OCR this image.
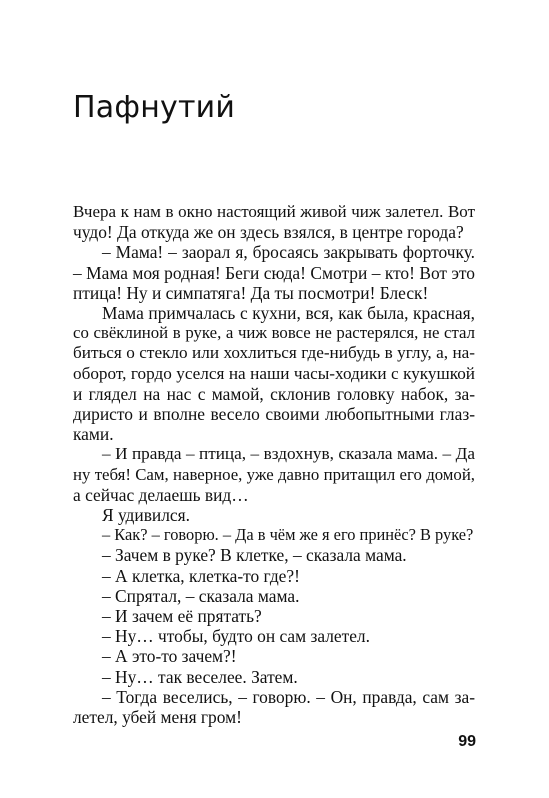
Пафнутий
Вчера к нам в окно настоящий живой чиж залетел. Вот
чудо! Да откуда же он здесь взялся, в центре города?
– Мама! – заорал я, бросаясь закрывать форточку.
– Мама моя родная! Беги сюда! Смотри – кто! Вот это
птица! Ну и симпатяга! Да ты посмотри! Блеск!
Мама примчалась с кухни, вся, как была, красная,
со свёклиной в руке, а чиж вовсе не растерялся, не стал
биться о стекло или хохлиться где-нибудь в углу, а, на-
оборот, гордо уселся на наши часы-ходики с кукушкой
и глядел на нас с мамой, склонив головку набок, за-
диристо и вполне весело своими любопытными глаз-
ками.
– И правда – птица, – вздохнув, сказала мама. – Да
ну тебя! Сам, наверное, уже давно притащил его домой,
а сейчас делаешь вид…
Я удивился.
– Как? – говорю. – Да в чём же я его принёс? В руке?
– Зачем в руке? В клетке, – сказала мама.
– А клетка, клетка-то где?!
– Спрятал, – сказала мама.
– И зачем её прятать?
– Ну… чтобы, будто он сам залетел.
– А это-то зачем?!
– Ну… так веселее. Затем.
– Тогда веселись, – говорю. – Он, правда, сам за-
летел, убей меня гром!
99
